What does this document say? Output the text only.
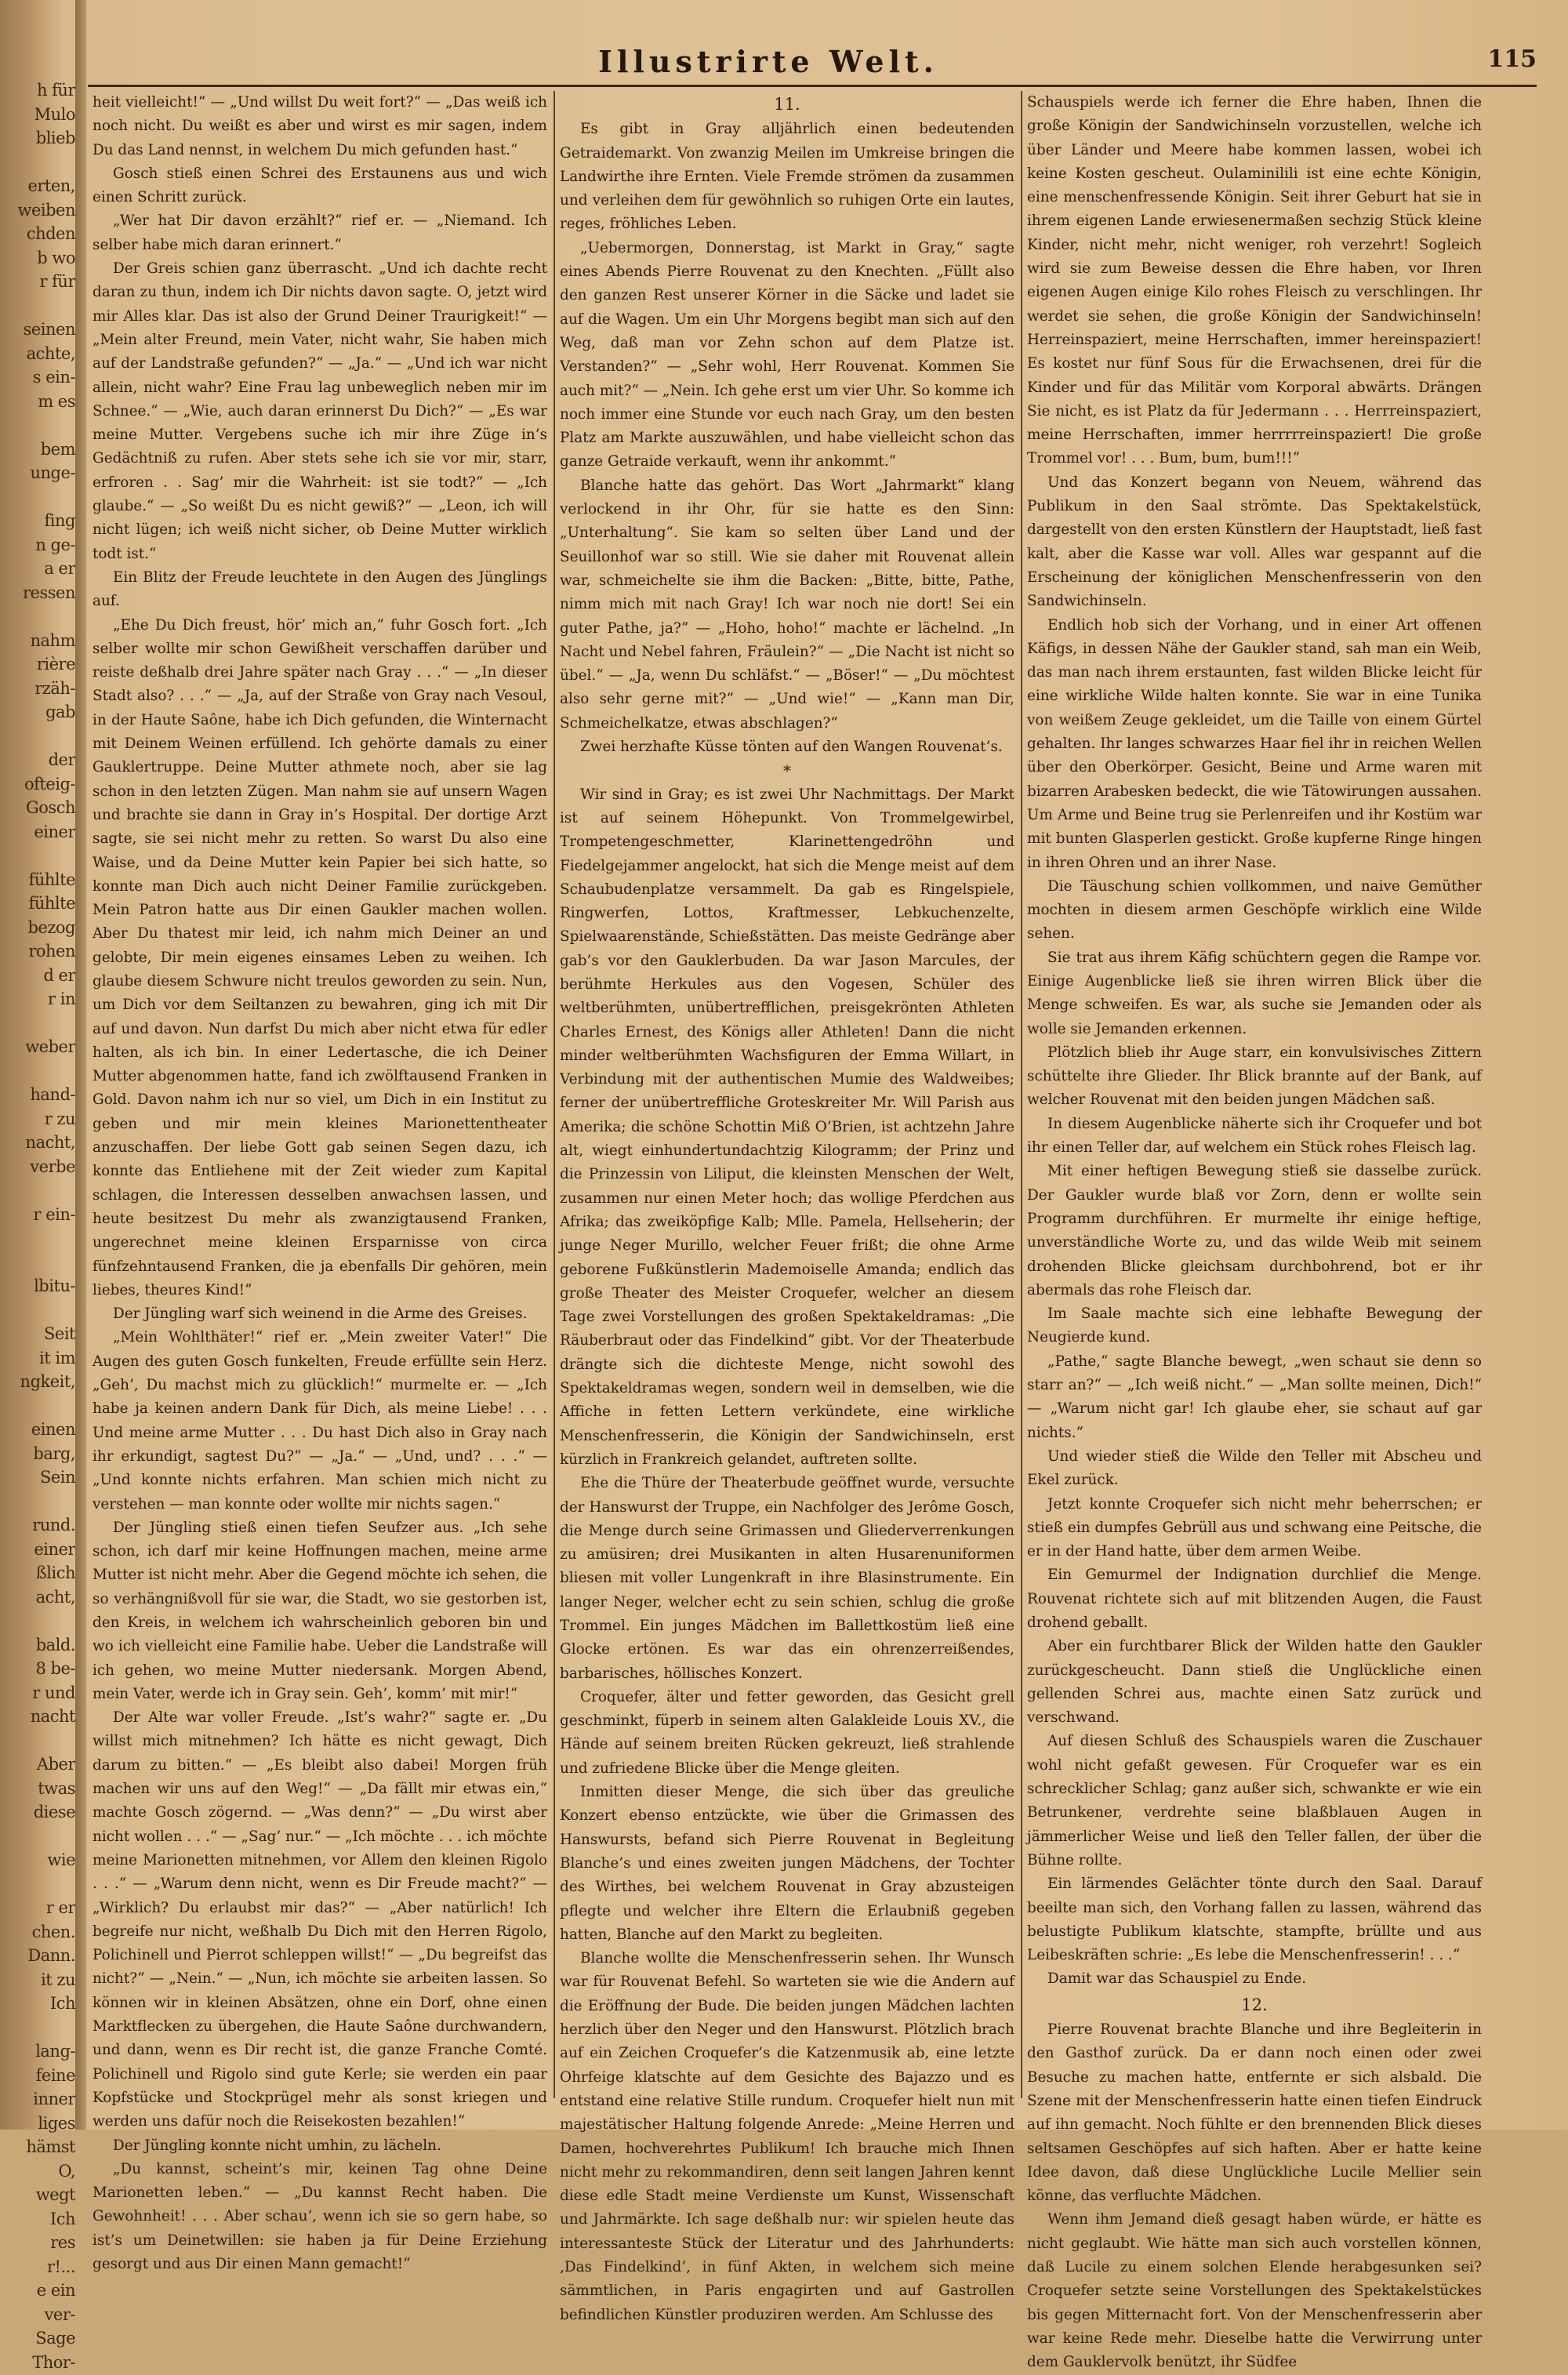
h für
Mulo
blieb

erten,
weiben
chden
b wo
r für

seinen
achte,
s ein-
m es

bem
unge-

fing
n ge-
a er
ressen

nahm
rière
rzäh-
gab

der
ofteig-
Gosch
einer

fühlte
fühlte
bezog
rohen
d er
r in

weber

hand-
r zu
nacht,
verbe

r ein-

lbitu-

Seit
it im
ngkeit,

einen
barg,
Sein

rund.
einer
ßlich
acht,

bald.
8 be-
r und
nacht

Aber
twas
diese

wie

r er
chen.
Dann.
it zu
Ich

lang-
feine
inner
liges
hämst
O,
wegt
Ich
res
r!...
e ein
ver-
Sage
Thor-
Illustrirte Welt.	115

heit vielleicht!“ — „Und willst Du weit fort?“ — „Das weiß ich noch nicht. Du weißt es aber und wirst es mir sagen, indem Du das Land nennst, in welchem Du mich gefunden hast.“

Gosch stieß einen Schrei des Erstaunens aus und wich einen Schritt zurück.

„Wer hat Dir davon erzählt?“ rief er. — „Niemand. Ich selber habe mich daran erinnert.“

Der Greis schien ganz überrascht. „Und ich dachte recht daran zu thun, indem ich Dir nichts davon sagte. O, jetzt wird mir Alles klar. Das ist also der Grund Deiner Traurigkeit!“ — „Mein alter Freund, mein Vater, nicht wahr, Sie haben mich auf der Landstraße gefunden?“ — „Ja.“ — „Und ich war nicht allein, nicht wahr? Eine Frau lag unbeweglich neben mir im Schnee.“ — „Wie, auch daran erinnerst Du Dich?“ — „Es war meine Mutter. Vergebens suche ich mir ihre Züge in’s Gedächtniß zu rufen. Aber stets sehe ich sie vor mir, starr, erfroren . . Sag’ mir die Wahrheit: ist sie todt?“ — „Ich glaube.“ — „So weißt Du es nicht gewiß?“ — „Leon, ich will nicht lügen; ich weiß nicht sicher, ob Deine Mutter wirklich todt ist.“

Ein Blitz der Freude leuchtete in den Augen des Jünglings auf.

„Ehe Du Dich freust, hör’ mich an,“ fuhr Gosch fort. „Ich selber wollte mir schon Gewißheit verschaffen darüber und reiste deßhalb drei Jahre später nach Gray . . .“ — „In dieser Stadt also? . . .“ — „Ja, auf der Straße von Gray nach Vesoul, in der Haute Saône, habe ich Dich gefunden, die Winternacht mit Deinem Weinen erfüllend. Ich gehörte damals zu einer Gauklertruppe. Deine Mutter athmete noch, aber sie lag schon in den letzten Zügen. Man nahm sie auf unsern Wagen und brachte sie dann in Gray in’s Hospital. Der dortige Arzt sagte, sie sei nicht mehr zu retten. So warst Du also eine Waise, und da Deine Mutter kein Papier bei sich hatte, so konnte man Dich auch nicht Deiner Familie zurückgeben. Mein Patron hatte aus Dir einen Gaukler machen wollen. Aber Du thatest mir leid, ich nahm mich Deiner an und gelobte, Dir mein eigenes einsames Leben zu weihen. Ich glaube diesem Schwure nicht treulos geworden zu sein. Nun, um Dich vor dem Seiltanzen zu bewahren, ging ich mit Dir auf und davon. Nun darfst Du mich aber nicht etwa für edler halten, als ich bin. In einer Ledertasche, die ich Deiner Mutter abgenommen hatte, fand ich zwölftausend Franken in Gold. Davon nahm ich nur so viel, um Dich in ein Institut zu geben und mir mein kleines Marionettentheater anzuschaffen. Der liebe Gott gab seinen Segen dazu, ich konnte das Entliehene mit der Zeit wieder zum Kapital schlagen, die Interessen desselben anwachsen lassen, und heute besitzest Du mehr als zwanzigtausend Franken, ungerechnet meine kleinen Ersparnisse von circa fünfzehntausend Franken, die ja ebenfalls Dir gehören, mein liebes, theures Kind!“

Der Jüngling warf sich weinend in die Arme des Greises.

„Mein Wohlthäter!“ rief er. „Mein zweiter Vater!“ Die Augen des guten Gosch funkelten, Freude erfüllte sein Herz. „Geh’, Du machst mich zu glücklich!“ murmelte er. — „Ich habe ja keinen andern Dank für Dich, als meine Liebe! . . . Und meine arme Mutter . . . Du hast Dich also in Gray nach ihr erkundigt, sagtest Du?“ — „Ja.“ — „Und, und? . . .“ — „Und konnte nichts erfahren. Man schien mich nicht zu verstehen — man konnte oder wollte mir nichts sagen.“

Der Jüngling stieß einen tiefen Seufzer aus. „Ich sehe schon, ich darf mir keine Hoffnungen machen, meine arme Mutter ist nicht mehr. Aber die Gegend möchte ich sehen, die so verhängnißvoll für sie war, die Stadt, wo sie gestorben ist, den Kreis, in welchem ich wahrscheinlich geboren bin und wo ich vielleicht eine Familie habe. Ueber die Landstraße will ich gehen, wo meine Mutter niedersank. Morgen Abend, mein Vater, werde ich in Gray sein. Geh’, komm’ mit mir!“

Der Alte war voller Freude. „Ist’s wahr?“ sagte er. „Du willst mich mitnehmen? Ich hätte es nicht gewagt, Dich darum zu bitten.“ — „Es bleibt also dabei! Morgen früh machen wir uns auf den Weg!“ — „Da fällt mir etwas ein,“ machte Gosch zögernd. — „Was denn?“ — „Du wirst aber nicht wollen . . .“ — „Sag’ nur.“ — „Ich möchte . . . ich möchte meine Marionetten mitnehmen, vor Allem den kleinen Rigolo . . .“ — „Warum denn nicht, wenn es Dir Freude macht?“ — „Wirklich? Du erlaubst mir das?“ — „Aber natürlich! Ich begreife nur nicht, weßhalb Du Dich mit den Herren Rigolo, Polichinell und Pierrot schleppen willst!“ — „Du begreifst das nicht?“ — „Nein.“ — „Nun, ich möchte sie arbeiten lassen. So können wir in kleinen Absätzen, ohne ein Dorf, ohne einen Marktflecken zu übergehen, die Haute Saône durchwandern, und dann, wenn es Dir recht ist, die ganze Franche Comté. Polichinell und Rigolo sind gute Kerle; sie werden ein paar Kopfstücke und Stockprügel mehr als sonst kriegen und werden uns dafür noch die Reisekosten bezahlen!“

Der Jüngling konnte nicht umhin, zu lächeln.

„Du kannst, scheint’s mir, keinen Tag ohne Deine Marionetten leben.“ — „Du kannst Recht haben. Die Gewohnheit! . . . Aber schau’, wenn ich sie so gern habe, so ist’s um Deinetwillen: sie haben ja für Deine Erziehung gesorgt und aus Dir einen Mann gemacht!“

11.

Es gibt in Gray alljährlich einen bedeutenden Getraidemarkt. Von zwanzig Meilen im Umkreise bringen die Landwirthe ihre Ernten. Viele Fremde strömen da zusammen und verleihen dem für gewöhnlich so ruhigen Orte ein lautes, reges, fröhliches Leben.

„Uebermorgen, Donnerstag, ist Markt in Gray,“ sagte eines Abends Pierre Rouvenat zu den Knechten. „Füllt also den ganzen Rest unserer Körner in die Säcke und ladet sie auf die Wagen. Um ein Uhr Morgens begibt man sich auf den Weg, daß man vor Zehn schon auf dem Platze ist. Verstanden?“ — „Sehr wohl, Herr Rouvenat. Kommen Sie auch mit?“ — „Nein. Ich gehe erst um vier Uhr. So komme ich noch immer eine Stunde vor euch nach Gray, um den besten Platz am Markte auszuwählen, und habe vielleicht schon das ganze Getraide verkauft, wenn ihr ankommt.“

Blanche hatte das gehört. Das Wort „Jahrmarkt“ klang verlockend in ihr Ohr, für sie hatte es den Sinn: „Unterhaltung“. Sie kam so selten über Land und der Seuillonhof war so still. Wie sie daher mit Rouvenat allein war, schmeichelte sie ihm die Backen: „Bitte, bitte, Pathe, nimm mich mit nach Gray! Ich war noch nie dort! Sei ein guter Pathe, ja?“ — „Hoho, hoho!“ machte er lächelnd. „In Nacht und Nebel fahren, Fräulein?“ — „Die Nacht ist nicht so übel.“ — „Ja, wenn Du schläfst.“ — „Böser!“ — „Du möchtest also sehr gerne mit?“ — „Und wie!“ — „Kann man Dir, Schmeichelkatze, etwas abschlagen?“

Zwei herzhafte Küsse tönten auf den Wangen Rouvenat’s.

*

Wir sind in Gray; es ist zwei Uhr Nachmittags. Der Markt ist auf seinem Höhepunkt. Von Trommelgewirbel, Trompetengeschmetter, Klarinettengedröhn und Fiedelgejammer angelockt, hat sich die Menge meist auf dem Schaubudenplatze versammelt. Da gab es Ringelspiele, Ringwerfen, Lottos, Kraftmesser, Lebkuchenzelte, Spielwaarenstände, Schießstätten. Das meiste Gedränge aber gab’s vor den Gauklerbuden. Da war Jason Marcules, der berühmte Herkules aus den Vogesen, Schüler des weltberühmten, unübertrefflichen, preisgekrönten Athleten Charles Ernest, des Königs aller Athleten! Dann die nicht minder weltberühmten Wachsfiguren der Emma Willart, in Verbindung mit der authentischen Mumie des Waldweibes; ferner der unübertreffliche Groteskreiter Mr. Will Parish aus Amerika; die schöne Schottin Miß O’Brien, ist achtzehn Jahre alt, wiegt einhundertundachtzig Kilogramm; der Prinz und die Prinzessin von Liliput, die kleinsten Menschen der Welt, zusammen nur einen Meter hoch; das wollige Pferdchen aus Afrika; das zweiköpfige Kalb; Mlle. Pamela, Hellseherin; der junge Neger Murillo, welcher Feuer frißt; die ohne Arme geborene Fußkünstlerin Mademoiselle Amanda; endlich das große Theater des Meister Croquefer, welcher an diesem Tage zwei Vorstellungen des großen Spektakeldramas: „Die Räuberbraut oder das Findelkind“ gibt. Vor der Theaterbude drängte sich die dichteste Menge, nicht sowohl des Spektakeldramas wegen, sondern weil in demselben, wie die Affiche in fetten Lettern verkündete, eine wirkliche Menschenfresserin, die Königin der Sandwichinseln, erst kürzlich in Frankreich gelandet, auftreten sollte.

Ehe die Thüre der Theaterbude geöffnet wurde, versuchte der Hanswurst der Truppe, ein Nachfolger des Jerôme Gosch, die Menge durch seine Grimassen und Gliederverrenkungen zu amüsiren; drei Musikanten in alten Husarenuniformen bliesen mit voller Lungenkraft in ihre Blasinstrumente. Ein langer Neger, welcher echt zu sein schien, schlug die große Trommel. Ein junges Mädchen im Ballettkostüm ließ eine Glocke ertönen. Es war das ein ohrenzerreißendes, barbarisches, höllisches Konzert.

Croquefer, älter und fetter geworden, das Gesicht grell geschminkt, füperb in seinem alten Galakleide Louis XV., die Hände auf seinem breiten Rücken gekreuzt, ließ strahlende und zufriedene Blicke über die Menge gleiten.

Inmitten dieser Menge, die sich über das greuliche Konzert ebenso entzückte, wie über die Grimassen des Hanswursts, befand sich Pierre Rouvenat in Begleitung Blanche’s und eines zweiten jungen Mädchens, der Tochter des Wirthes, bei welchem Rouvenat in Gray abzusteigen pflegte und welcher ihre Eltern die Erlaubniß gegeben hatten, Blanche auf den Markt zu begleiten.

Blanche wollte die Menschenfresserin sehen. Ihr Wunsch war für Rouvenat Befehl. So warteten sie wie die Andern auf die Eröffnung der Bude. Die beiden jungen Mädchen lachten herzlich über den Neger und den Hanswurst. Plötzlich brach auf ein Zeichen Croquefer’s die Katzenmusik ab, eine letzte Ohrfeige klatschte auf dem Gesichte des Bajazzo und es entstand eine relative Stille rundum. Croquefer hielt nun mit majestätischer Haltung folgende Anrede: „Meine Herren und Damen, hochverehrtes Publikum! Ich brauche mich Ihnen nicht mehr zu rekommandiren, denn seit langen Jahren kennt diese edle Stadt meine Verdienste um Kunst, Wissenschaft und Jahrmärkte. Ich sage deßhalb nur: wir spielen heute das interessanteste Stück der Literatur und des Jahrhunderts: ‚Das Findelkind‘, in fünf Akten, in welchem sich meine sämmtlichen, in Paris engagirten und auf Gastrollen befindlichen Künstler produziren werden. Am Schlusse des

Schauspiels werde ich ferner die Ehre haben, Ihnen die große Königin der Sandwichinseln vorzustellen, welche ich über Länder und Meere habe kommen lassen, wobei ich keine Kosten gescheut. Oulaminilili ist eine echte Königin, eine menschenfressende Königin. Seit ihrer Geburt hat sie in ihrem eigenen Lande erwiesenermaßen sechzig Stück kleine Kinder, nicht mehr, nicht weniger, roh verzehrt! Sogleich wird sie zum Beweise dessen die Ehre haben, vor Ihren eigenen Augen einige Kilo rohes Fleisch zu verschlingen. Ihr werdet sie sehen, die große Königin der Sandwichinseln! Herreinspaziert, meine Herrschaften, immer hereinspaziert! Es kostet nur fünf Sous für die Erwachsenen, drei für die Kinder und für das Militär vom Korporal abwärts. Drängen Sie nicht, es ist Platz da für Jedermann . . . Herrreinspaziert, meine Herrschaften, immer herrrrreinspaziert! Die große Trommel vor! . . . Bum, bum, bum!!!“

Und das Konzert begann von Neuem, während das Publikum in den Saal strömte. Das Spektakelstück, dargestellt von den ersten Künstlern der Hauptstadt, ließ fast kalt, aber die Kasse war voll. Alles war gespannt auf die Erscheinung der königlichen Menschenfresserin von den Sandwichinseln.

Endlich hob sich der Vorhang, und in einer Art offenen Käfigs, in dessen Nähe der Gaukler stand, sah man ein Weib, das man nach ihrem erstaunten, fast wilden Blicke leicht für eine wirkliche Wilde halten konnte. Sie war in eine Tunika von weißem Zeuge gekleidet, um die Taille von einem Gürtel gehalten. Ihr langes schwarzes Haar fiel ihr in reichen Wellen über den Oberkörper. Gesicht, Beine und Arme waren mit bizarren Arabesken bedeckt, die wie Tätowirungen aussahen. Um Arme und Beine trug sie Perlenreifen und ihr Kostüm war mit bunten Glasperlen gestickt. Große kupferne Ringe hingen in ihren Ohren und an ihrer Nase.

Die Täuschung schien vollkommen, und naive Gemüther mochten in diesem armen Geschöpfe wirklich eine Wilde sehen.

Sie trat aus ihrem Käfig schüchtern gegen die Rampe vor. Einige Augenblicke ließ sie ihren wirren Blick über die Menge schweifen. Es war, als suche sie Jemanden oder als wolle sie Jemanden erkennen.

Plötzlich blieb ihr Auge starr, ein konvulsivisches Zittern schüttelte ihre Glieder. Ihr Blick brannte auf der Bank, auf welcher Rouvenat mit den beiden jungen Mädchen saß.

In diesem Augenblicke näherte sich ihr Croquefer und bot ihr einen Teller dar, auf welchem ein Stück rohes Fleisch lag.

Mit einer heftigen Bewegung stieß sie dasselbe zurück. Der Gaukler wurde blaß vor Zorn, denn er wollte sein Programm durchführen. Er murmelte ihr einige heftige, unverständliche Worte zu, und das wilde Weib mit seinem drohenden Blicke gleichsam durchbohrend, bot er ihr abermals das rohe Fleisch dar.

Im Saale machte sich eine lebhafte Bewegung der Neugierde kund.

„Pathe,“ sagte Blanche bewegt, „wen schaut sie denn so starr an?“ — „Ich weiß nicht.“ — „Man sollte meinen, Dich!“ — „Warum nicht gar! Ich glaube eher, sie schaut auf gar nichts.“

Und wieder stieß die Wilde den Teller mit Abscheu und Ekel zurück.

Jetzt konnte Croquefer sich nicht mehr beherrschen; er stieß ein dumpfes Gebrüll aus und schwang eine Peitsche, die er in der Hand hatte, über dem armen Weibe.

Ein Gemurmel der Indignation durchlief die Menge. Rouvenat richtete sich auf mit blitzenden Augen, die Faust drohend geballt.

Aber ein furchtbarer Blick der Wilden hatte den Gaukler zurückgescheucht. Dann stieß die Unglückliche einen gellenden Schrei aus, machte einen Satz zurück und verschwand.

Auf diesen Schluß des Schauspiels waren die Zuschauer wohl nicht gefaßt gewesen. Für Croquefer war es ein schrecklicher Schlag; ganz außer sich, schwankte er wie ein Betrunkener, verdrehte seine blaßblauen Augen in jämmerlicher Weise und ließ den Teller fallen, der über die Bühne rollte.

Ein lärmendes Gelächter tönte durch den Saal. Darauf beeilte man sich, den Vorhang fallen zu lassen, während das belustigte Publikum klatschte, stampfte, brüllte und aus Leibeskräften schrie: „Es lebe die Menschenfresserin! . . .“

Damit war das Schauspiel zu Ende.

12.

Pierre Rouvenat brachte Blanche und ihre Begleiterin in den Gasthof zurück. Da er dann noch einen oder zwei Besuche zu machen hatte, entfernte er sich alsbald. Die Szene mit der Menschenfresserin hatte einen tiefen Eindruck auf ihn gemacht. Noch fühlte er den brennenden Blick dieses seltsamen Geschöpfes auf sich haften. Aber er hatte keine Idee davon, daß diese Unglückliche Lucile Mellier sein könne, das verfluchte Mädchen.

Wenn ihm Jemand dieß gesagt haben würde, er hätte es nicht geglaubt. Wie hätte man sich auch vorstellen können, daß Lucile zu einem solchen Elende herabgesunken sei? Croquefer setzte seine Vorstellungen des Spektakelstückes bis gegen Mitternacht fort. Von der Menschenfresserin aber war keine Rede mehr. Dieselbe hatte die Verwirrung unter dem Gauklervolk benützt, ihr Südfee
